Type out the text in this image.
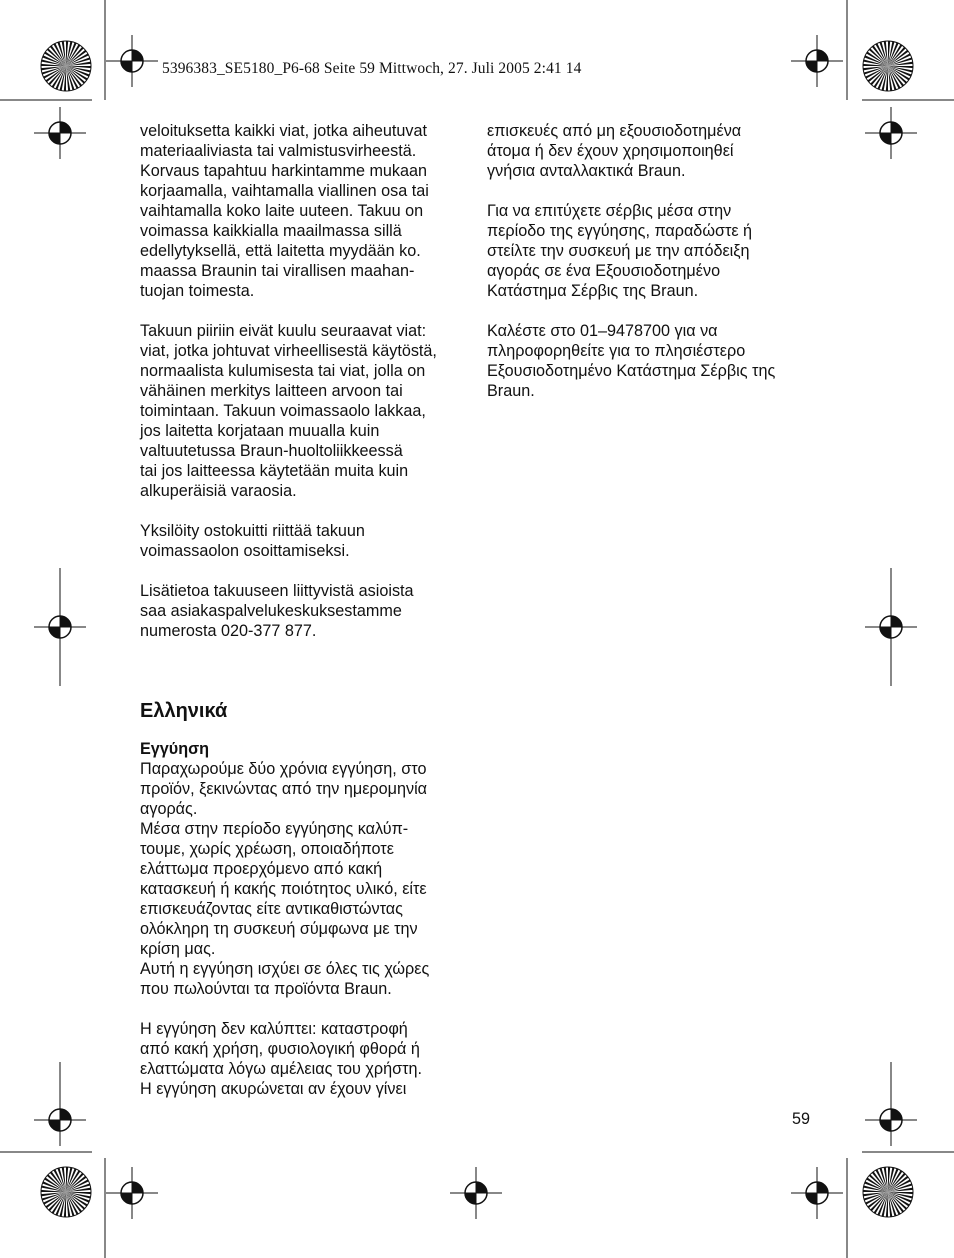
5396383_SE5180_P6-68 Seite 59 Mittwoch, 27. Juli 2005 2:41 14

veloituksetta kaikki viat, jotka aiheutuvat
materiaaliviasta tai valmistusvirheestä.
Korvaus tapahtuu harkintamme mukaan
korjaamalla, vaihtamalla viallinen osa tai
vaihtamalla koko laite uuteen. Takuu on
voimassa kaikkialla maailmassa sillä
edellytyksellä, että laitetta myydään ko.
maassa Braunin tai virallisen maahan-
tuojan toimesta.

Takuun piiriin eivät kuulu seuraavat viat:
viat, jotka johtuvat virheellisestä käytöstä,
normaalista kulumisesta tai viat, jolla on
vähäinen merkitys laitteen arvoon tai
toimintaan. Takuun voimassaolo lakkaa,
jos laitetta korjataan muualla kuin
valtuutetussa Braun-huoltoliikkeessä
tai jos laitteessa käytetään muita kuin
alkuperäisiä varaosia.

Yksilöity ostokuitti riittää takuun
voimassaolon osoittamiseksi.

Lisätietoa takuuseen liittyvistä asioista
saa asiakaspalvelukeskuksestamme
numerosta 020-377 877.

Ελληνικά
Εγγύηση

Παραχωρούμε δύο χρόνια εγγύηση, στο
προϊόν, ξεκινώντας από την ημερομηνία
αγοράς.
Μέσα στην περίοδο εγγύησης καλύπ-
τουμε, χωρίς χρέωση, οποιαδήποτε
ελάττωμα προερχόμενο από κακή
κατασκευή ή κακής ποιότητος υλικό, είτε
επισκευάζοντας είτε αντικαθιστώντας
ολόκληρη τη συσκευή σύμφωνα με την
κρίση μας.
Αυτή η εγγύηση ισχύει σε όλες τις χώρες
που πωλούνται τα προϊόντα Braun.

Η εγγύηση δεν καλύπτει: καταστροφή
από κακή χρήση, φυσιολογική φθορά ή
ελαττώματα λόγω αμέλειας του χρήστη.
Η εγγύηση ακυρώνεται αν έχουν γίνει

επισκευές από μη εξουσιοδοτημένα
άτομα ή δεν έχουν χρησιμοποιηθεί
γνήσια ανταλλακτικά Braun.

Για να επιτύχετε σέρβις μέσα στην
περίοδο της εγγύησης, παραδώστε ή
στείλτε την συσκευή με την απόδειξη
αγοράς σε ένα Εξουσιοδοτημένο
Κατάστημα Σέρβις της Braun.

Καλέστε στο 01–9478700 για να
πληροφορηθείτε για το πλησιέστερο
Εξουσιοδοτημένο Κατάστημα Σέρβις της
Braun.

59
